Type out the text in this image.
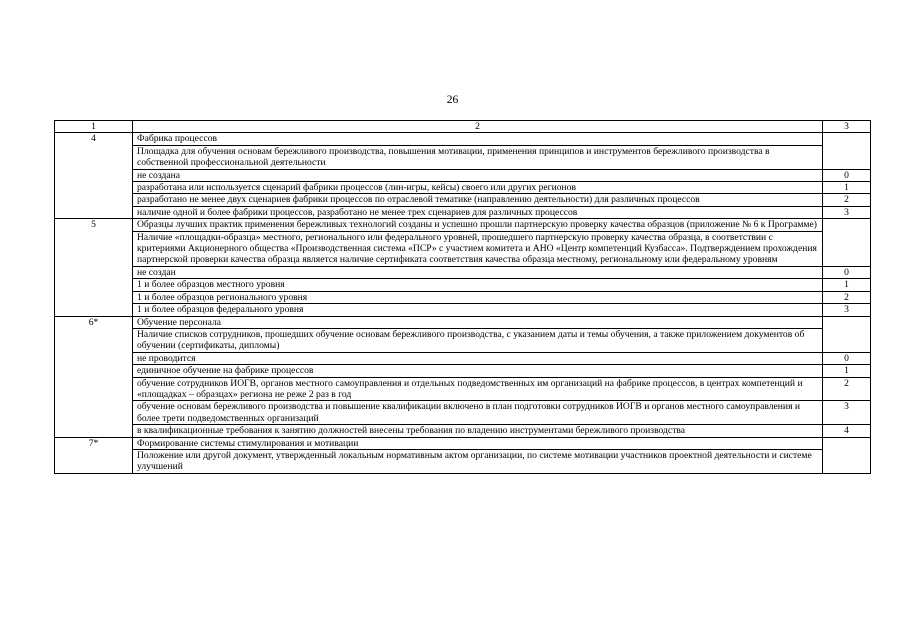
26
1	2	3
4	Фабрика процессов	
	Площадка для обучения основам бережливого производства, повышения мотивации, применения принципов и инструментов бережливого производства в собственной профессиональной деятельности	
	не создана	0
	разработана или используется сценарий фабрики процессов (лин-игры, кейсы) своего или других регионов	1
	разработано не менее двух сценариев фабрики процессов по отраслевой тематике (направлению деятельности) для различных процессов	2
	наличие одной и более фабрики процессов, разработано не менее трех сценариев для различных процессов	3
5	Образцы лучших практик применения бережливых технологий созданы и успешно прошли партнерскую проверку качества образцов (приложение № 6 к Программе)	
	Наличие «площадки-образца» местного, регионального или федерального уровней, прошедшего партнерскую проверку качества образца, в соответствии с критериями Акционерного общества «Производственная система «ПСР» с участием комитета и АНО «Центр компетенций Кузбасса». Подтверждением прохождения партнерской проверки качества образца является наличие сертификата соответствия качества образца местному, региональному или федеральному уровням	
	не создан	0
	1 и более образцов местного уровня	1
	1 и более образцов регионального уровня	2
	1 и более образцов федерального уровня	3
6*	Обучение персонала	
	Наличие списков сотрудников, прошедших обучение основам бережливого производства, с указанием даты и темы обучения, а также приложением документов об обучении (сертификаты, дипломы)	
	не проводится	0
	единичное обучение на фабрике процессов	1
	обучение сотрудников ИОГВ, органов местного самоуправления и отдельных подведомственных им организаций на фабрике процессов, в центрах компетенций и «площадках – образцах» региона не реже 2 раз в год	2
	обучение основам бережливого производства и повышение квалификации включено в план подготовки сотрудников ИОГВ и органов местного самоуправления и более трети подведомственных организаций	3
	в квалификационные требования к занятию должностей внесены требования по владению инструментами бережливого производства	4
7*	Формирование системы стимулирования и мотивации	
	Положение или другой документ, утвержденный локальным нормативным актом организации, по системе мотивации участников проектной деятельности и системе улучшений	
